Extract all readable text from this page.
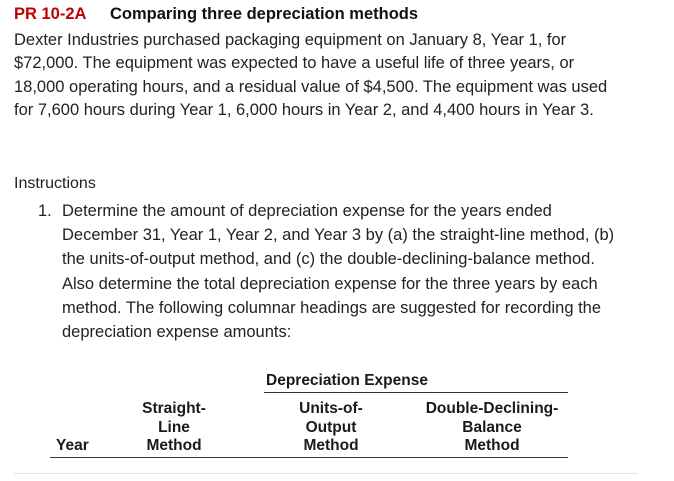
PR 10-2A Comparing three depreciation methods

Dexter Industries purchased packaging equipment on January 8, Year 1, for

$72,000. The equipment was expected to have a useful life of three years, or

18,000 operating hours, and a residual value of $4,500. The equipment was used

for 7,600 hours during Year 1, 6,000 hours in Year 2, and 4,400 hours in Year 3.

Instructions
1. Determine the amount of depreciation expense for the years ended

December 31, Year 1, Year 2, and Year 3 by (a) the straight-line method, (b)

the units-of-output method, and (c) the double-declining-balance method.

Also determine the total depreciation expense for the three years by each

method. The following columnar headings are suggested for recording the

depreciation expense amounts:

Depreciation Expense
Year
Straight-
Line
Method
Units-of-
Output
Method
Double-Declining-
Balance
Method
